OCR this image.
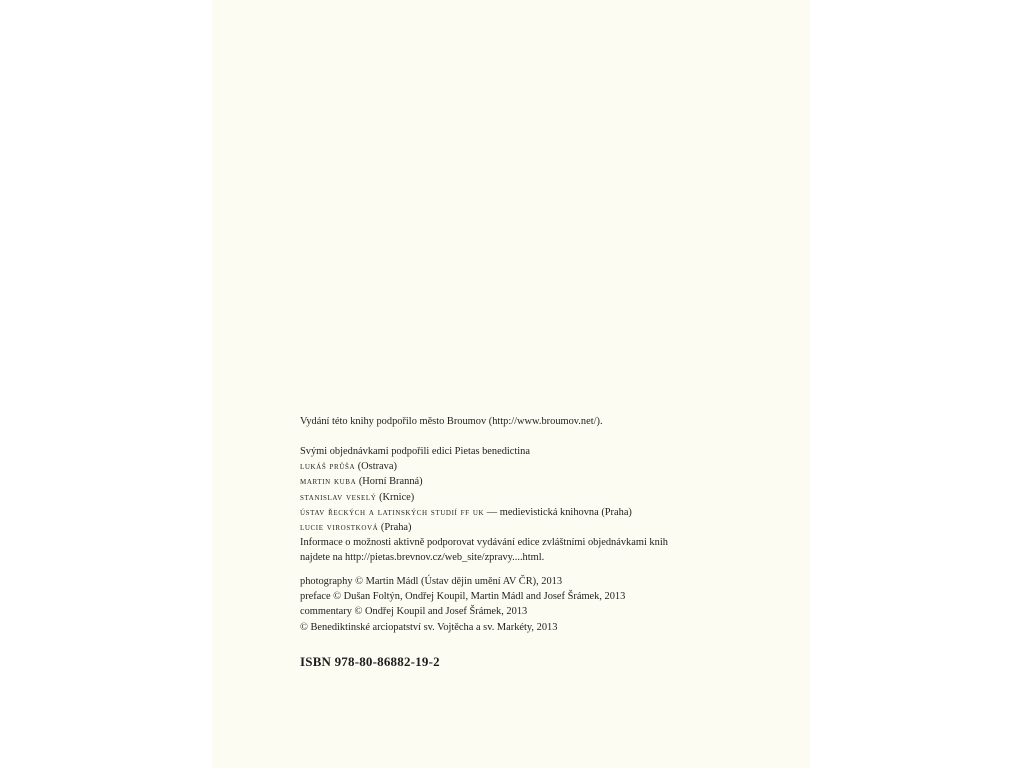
Vydání této knihy podpořilo město Broumov (http://www.broumov.net/).
Svými objednávkami podpořili edici Pietas benedictina
lukáš průša (Ostrava)
martin kuba (Horní Branná)
stanislav veselý (Krnice)
ústav řeckých a latinských studií ff uk — medievistická knihovna (Praha)
lucie virostková (Praha)
Informace o možnosti aktivně podporovat vydávání edice zvláštními objednávkami knih
najdete na http://pietas.brevnov.cz/web_site/zpravy....html.
photography © Martin Mádl (Ústav dějin umění AV ČR), 2013
preface © Dušan Foltýn, Ondřej Koupil, Martin Mádl and Josef Šrámek, 2013
commentary © Ondřej Koupil and Josef Šrámek, 2013
© Benediktinské arciopatství sv. Vojtěcha a sv. Markéty, 2013
ISBN 978-80-86882-19-2
